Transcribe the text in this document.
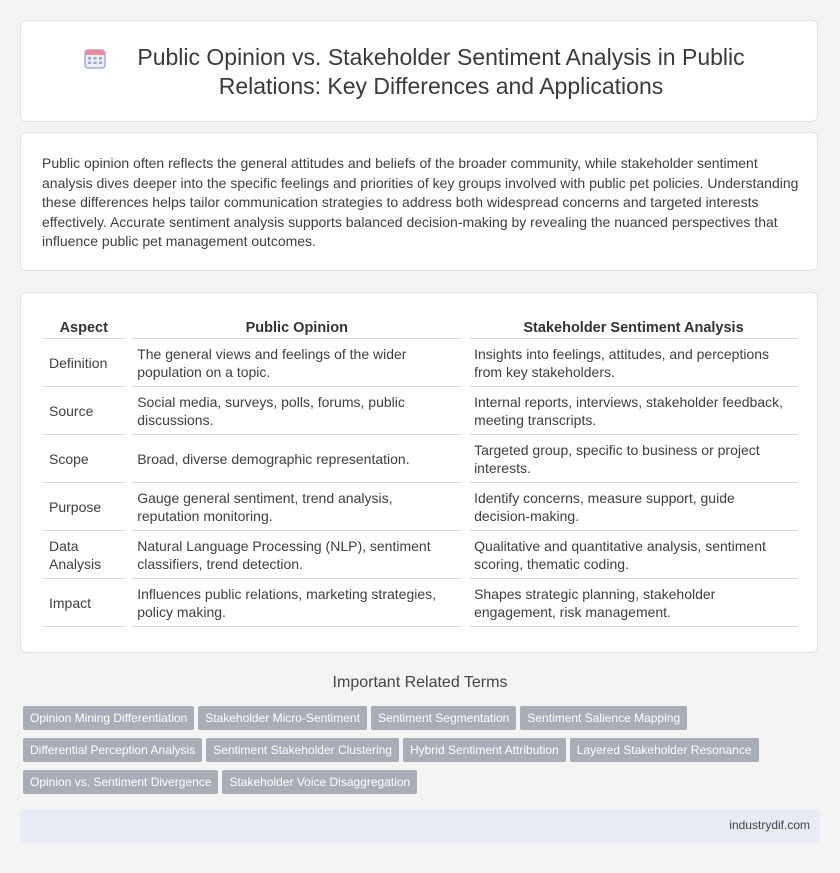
Public Opinion vs. Stakeholder Sentiment Analysis in Public Relations: Key Differences and Applications

Public opinion often reflects the general attitudes and beliefs of the broader community, while stakeholder sentiment analysis dives deeper into the specific feelings and priorities of key groups involved with public pet policies. Understanding these differences helps tailor communication strategies to address both widespread concerns and targeted interests effectively. Accurate sentiment analysis supports balanced decision-making by revealing the nuanced perspectives that influence public pet management outcomes.

Aspect		Public Opinion		Stakeholder Sentiment Analysis
Definition		The general views and feelings of the wider population on a topic.		Insights into feelings, attitudes, and perceptions from key stakeholders.
Source		Social media, surveys, polls, forums, public discussions.		Internal reports, interviews, stakeholder feedback, meeting transcripts.
Scope		Broad, diverse demographic representation.		Targeted group, specific to business or project interests.
Purpose		Gauge general sentiment, trend analysis, reputation monitoring.		Identify concerns, measure support, guide decision-making.
Data Analysis		Natural Language Processing (NLP), sentiment classifiers, trend detection.		Qualitative and quantitative analysis, sentiment scoring, thematic coding.
Impact		Influences public relations, marketing strategies, policy making.		Shapes strategic planning, stakeholder engagement, risk management.
Important Related Terms
Opinion Mining Differentiation Stakeholder Micro-Sentiment Sentiment Segmentation Sentiment Salience MappingDifferential Perception Analysis Sentiment Stakeholder Clustering Hybrid Sentiment Attribution Layered Stakeholder ResonanceOpinion vs. Sentiment Divergence Stakeholder Voice Disaggregation
industrydif.com
